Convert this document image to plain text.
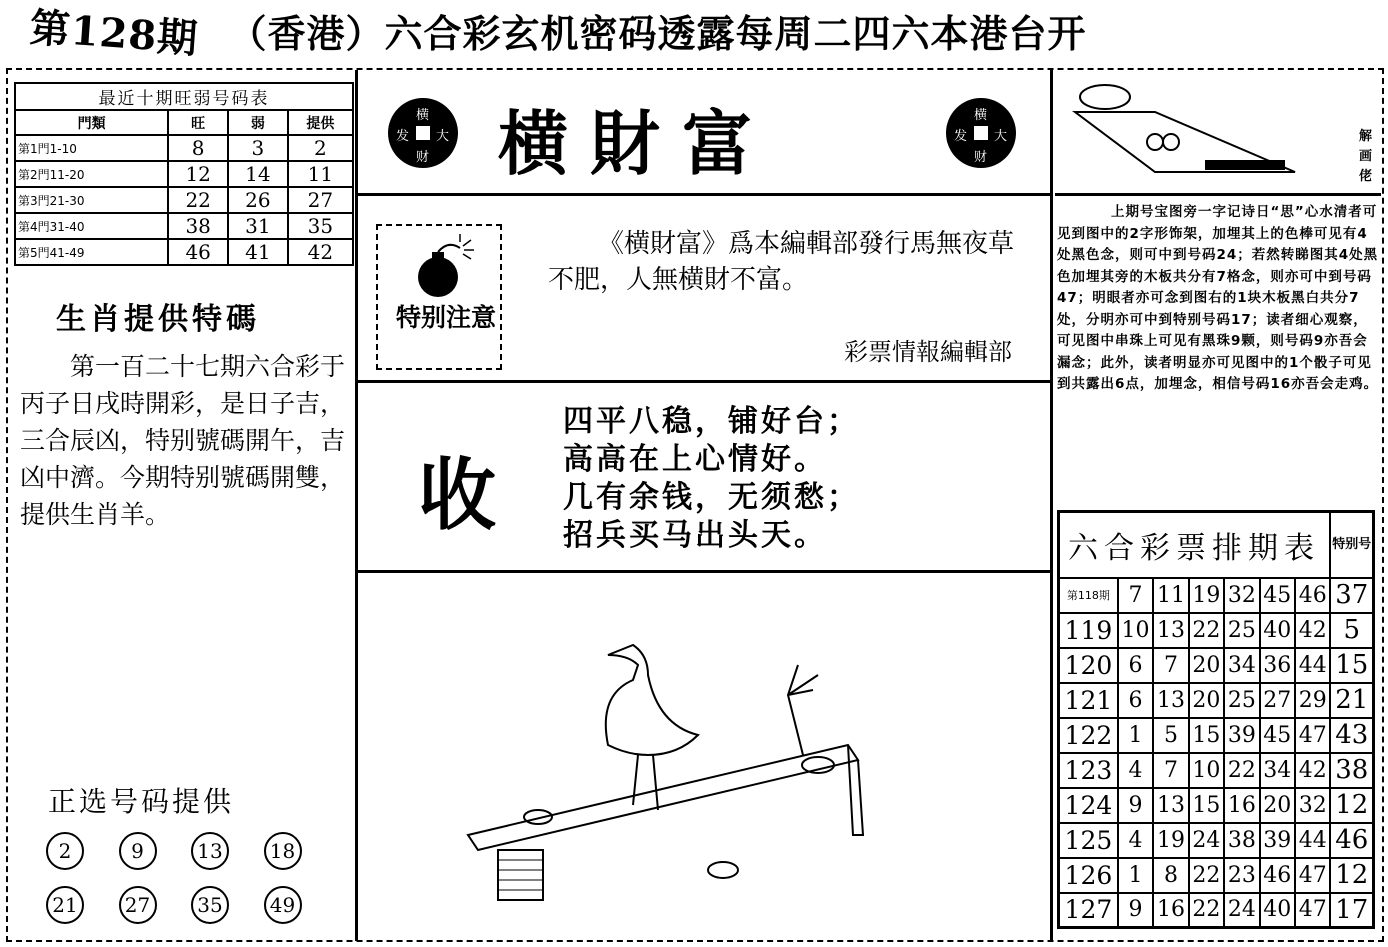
第128期 （香港）六合彩玄机密码透露每周二四六本港台开
最近十期旺弱号码表			
門類	旺	弱	提供
第1門1-10	8	3	2
第2門11-20	12	14	11
第3門21-30	22	26	27
第4門31-40	38	31	35
第5門41-49	46	41	42
生肖提供特碼
第一百二十七期六合彩于丙子日戌時開彩，是日子吉，三合辰凶，特别號碼開午，吉凶中濟。今期特别號碼開雙，提供生肖羊。
正选号码提供
2	9	13	18
21	27	35	49
横
发 大
财 横財富	横
发 大
财
特别注意
《横財富》爲本編輯部發行馬無夜草不肥，人無横財不富。
彩票情報編輯部
收
四平八稳，铺好台；
高高在上心情好。
几有余钱，无须愁；
招兵买马出头天。
解画佬
上期号宝图旁一字记诗日“思”心水清者可见到图中的2字形饰架，加埋其上的色棒可见有4处黑色念，则可中到号码24；若然转睇图其4处黑色加埋其旁的木板共分有7格念，则亦可中到号码47；明眼者亦可念到图右的1块木板黑白共分7处，分明亦可中到特别号码17；读者细心观察，可见图中串珠上可见有黑珠9颗，则号码9亦吾会漏念；此外，读者明显亦可见图中的1个骰子可见到共露出6点，加埋念，相信号码16亦吾会走鸡。
六合彩票排期表							特别号
第118期	7	11	19	32	45	46	37
119	10	13	22	25	40	42	5
120	6	7	20	34	36	44	15
121	6	13	20	25	27	29	21
122	1	5	15	39	45	47	43
123	4	7	10	22	34	42	38
124	9	13	15	16	20	32	12
125	4	19	24	38	39	44	46
126	1	8	22	23	46	47	12
127	9	16	22	24	40	47	17
